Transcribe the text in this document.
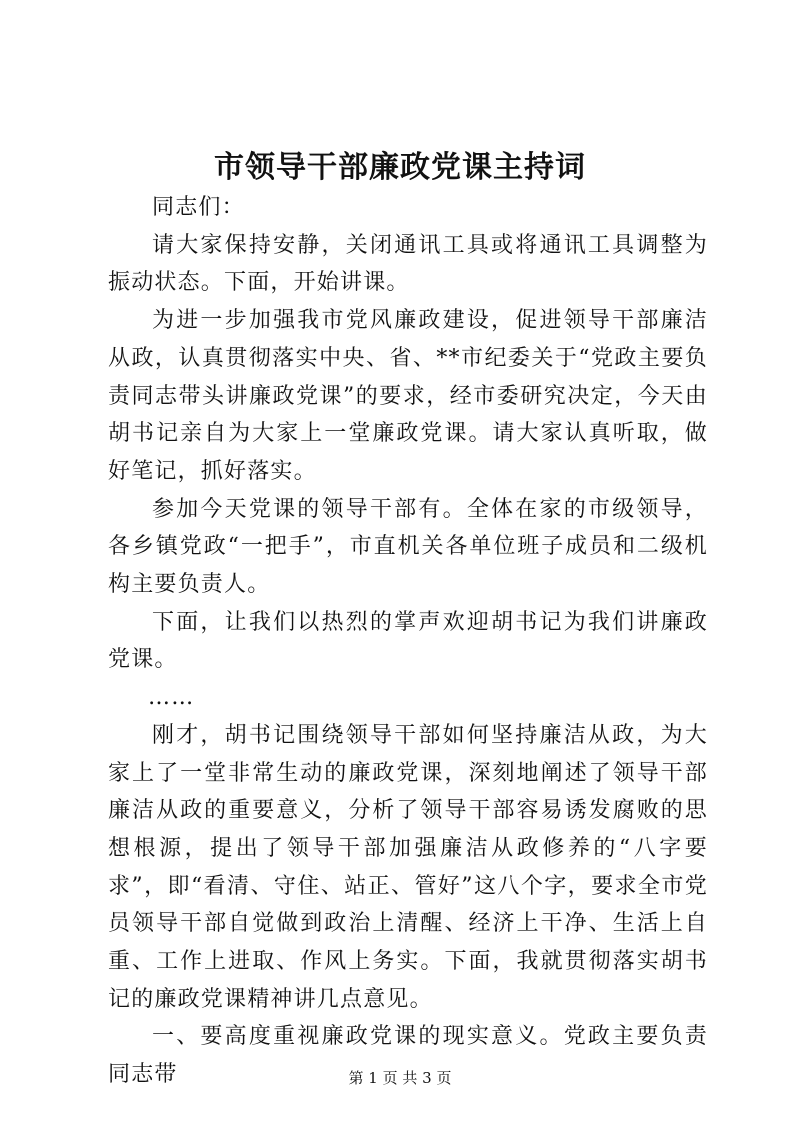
市领导干部廉政党课主持词

同志们：

请大家保持安静，关闭通讯工具或将通讯工具调整为振动状态。下面，开始讲课。

为进一步加强我市党风廉政建设，促进领导干部廉洁从政，认真贯彻落实中央、省、**市纪委关于“党政主要负责同志带头讲廉政党课”的要求，经市委研究决定，今天由胡书记亲自为大家上一堂廉政党课。请大家认真听取，做好笔记，抓好落实。

参加今天党课的领导干部有。全体在家的市级领导，各乡镇党政“一把手”，市直机关各单位班子成员和二级机构主要负责人。

下面，让我们以热烈的掌声欢迎胡书记为我们讲廉政党课。

……

刚才，胡书记围绕领导干部如何坚持廉洁从政，为大家上了一堂非常生动的廉政党课，深刻地阐述了领导干部廉洁从政的重要意义，分析了领导干部容易诱发腐败的思想根源，提出了领导干部加强廉洁从政修养的“八字要求”，即“看清、守住、站正、管好”这八个字，要求全市党员领导干部自觉做到政治上清醒、经济上干净、生活上自重、工作上进取、作风上务实。下面，我就贯彻落实胡书记的廉政党课精神讲几点意见。

一、要高度重视廉政党课的现实意义。党政主要负责同志带	第 1 页 共 3 页
